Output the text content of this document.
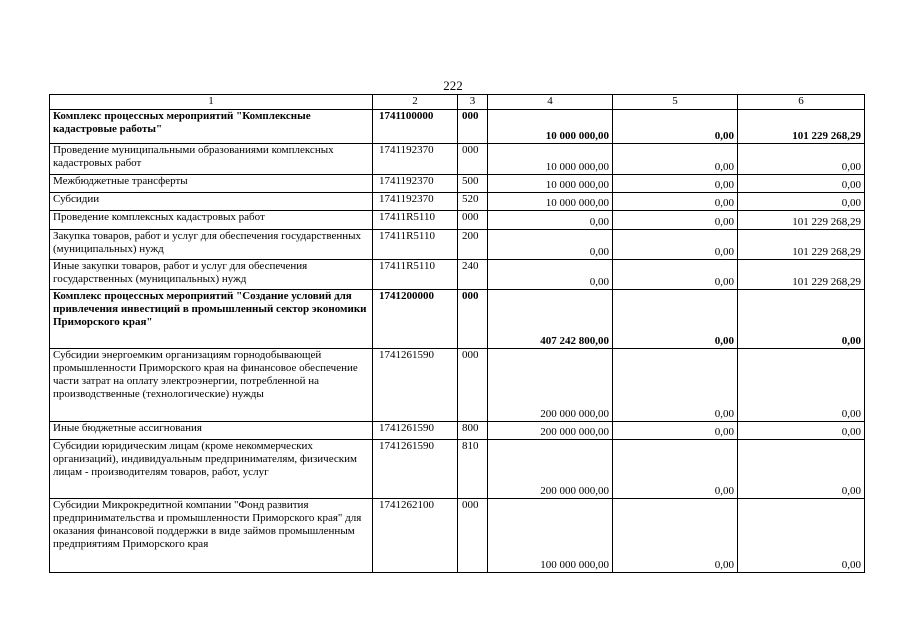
222
1	2	3	4	5	6
Комплекс процессных мероприятий "Комплексные кадастровые работы"	1741100000	000	10 000 000,00	0,00	101 229 268,29
Проведение муниципальными образованиями комплексных кадастровых работ	1741192370	000	10 000 000,00	0,00	0,00
Межбюджетные трансферты	1741192370	500	10 000 000,00	0,00	0,00
Субсидии	1741192370	520	10 000 000,00	0,00	0,00
Проведение комплексных кадастровых работ	17411R5110	000	0,00	0,00	101 229 268,29
Закупка товаров, работ и услуг для обеспечения государственных (муниципальных) нужд	17411R5110	200	0,00	0,00	101 229 268,29
Иные закупки товаров, работ и услуг для обеспечения государственных (муниципальных) нужд	17411R5110	240	0,00	0,00	101 229 268,29
Комплекс процессных мероприятий "Создание условий для привлечения инвестиций в промышленный сектор экономики Приморского края"	1741200000	000	407 242 800,00	0,00	0,00
Субсидии энергоемким организациям горнодобывающей промышленности Приморского края на финансовое обеспечение части затрат на оплату электроэнергии, потребленной на производственные (технологические) нужды	1741261590	000	200 000 000,00	0,00	0,00
Иные бюджетные ассигнования	1741261590	800	200 000 000,00	0,00	0,00
Субсидии юридическим лицам (кроме некоммерческих организаций), индивидуальным предпринимателям, физическим лицам - производителям товаров, работ, услуг	1741261590	810	200 000 000,00	0,00	0,00
Субсидии Микрокредитной компании "Фонд развития предпринимательства и промышленности Приморского края" для оказания финансовой поддержки в виде займов промышленным предприятиям Приморского края	1741262100	000	100 000 000,00	0,00	0,00
